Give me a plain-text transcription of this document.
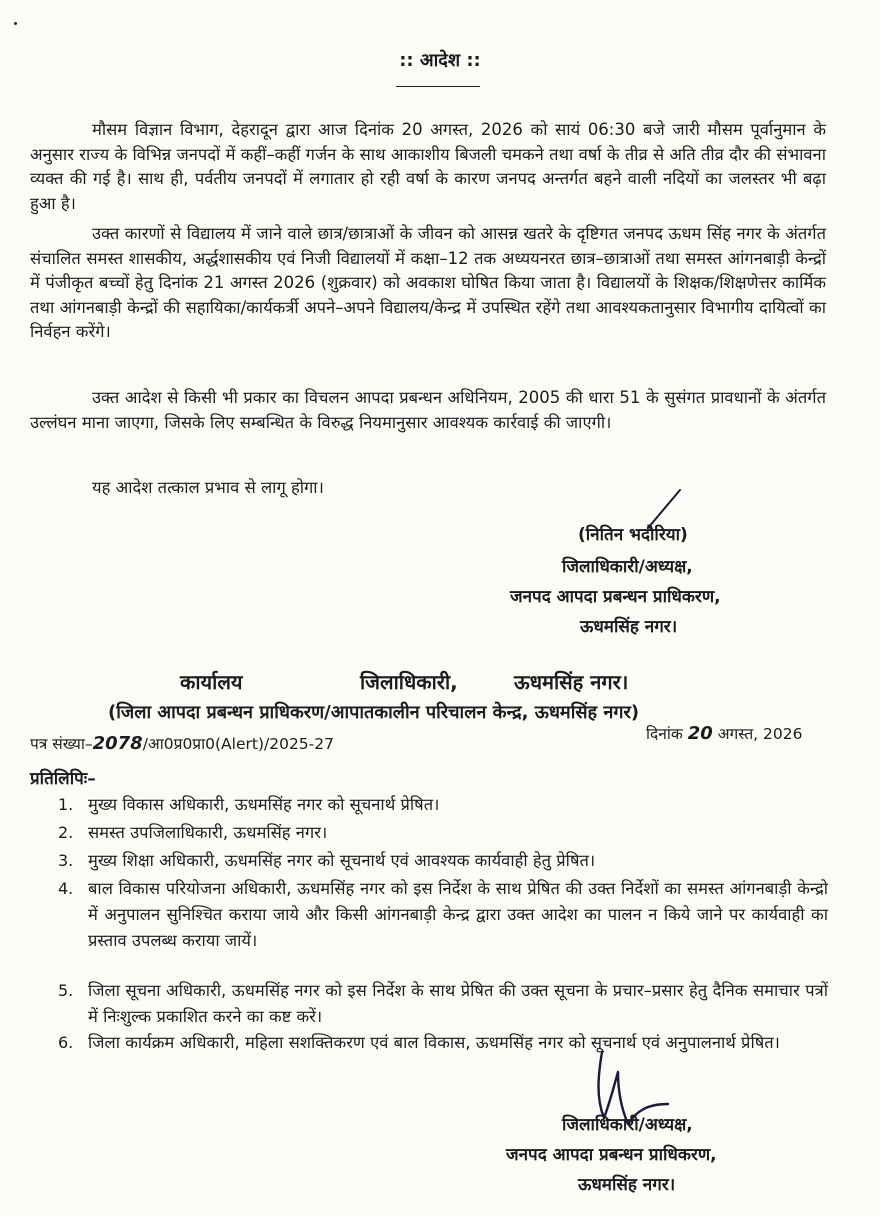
:: आदेश ::

मौसम विज्ञान विभाग, देहरादून द्वारा आज दिनांक 20 अगस्त, 2026 को सायं 06:30 बजे जारी मौसम पूर्वानुमान के अनुसार राज्य के विभिन्न जनपदों में कहीं–कहीं गर्जन के साथ आकाशीय बिजली चमकने तथा वर्षा के तीव्र से अति तीव्र दौर की संभावना व्यक्त की गई है। साथ ही, पर्वतीय जनपदों में लगातार हो रही वर्षा के कारण जनपद अन्तर्गत बहने वाली नदियों का जलस्तर भी बढ़ा हुआ है।

उक्त कारणों से विद्यालय में जाने वाले छात्र/छात्राओं के जीवन को आसन्न खतरे के दृष्टिगत जनपद ऊधम सिंह नगर के अंतर्गत संचालित समस्त शासकीय, अर्द्धशासकीय एवं निजी विद्यालयों में कक्षा–12 तक अध्ययनरत छात्र–छात्राओं तथा समस्त आंगनबाड़ी केन्द्रों में पंजीकृत बच्चों हेतु दिनांक 21 अगस्त 2026 (शुक्रवार) को अवकाश घोषित किया जाता है। विद्यालयों के शिक्षक/शिक्षणेत्तर कार्मिक तथा आंगनबाड़ी केन्द्रों की सहायिका/कार्यकर्त्री अपने–अपने विद्यालय/केन्द्र में उपस्थित रहेंगे तथा आवश्यकतानुसार विभागीय दायित्वों का निर्वहन करेंगे।

उक्त आदेश से किसी भी प्रकार का विचलन आपदा प्रबन्धन अधिनियम, 2005 की धारा 51 के सुसंगत प्रावधानों के अंतर्गत उल्लंघन माना जाएगा, जिसके लिए सम्बन्धित के विरुद्ध नियमानुसार आवश्यक कार्रवाई की जाएगी।

यह आदेश तत्काल प्रभाव से लागू होगा।

(नितिन भदौरिया)
जिलाधिकारी/अध्यक्ष,
जनपद आपदा प्रबन्धन प्राधिकरण,
ऊधमसिंह नगर।
कार्यालय	जिलाधिकारी,	ऊधमसिंह नगर।
(जिला आपदा प्रबन्धन प्राधिकरण/आपातकालीन परिचालन केन्द्र, ऊधमसिंह नगर)
पत्र संख्या–2078/आ0प्र0प्रा0(Alert)/2025-27
दिनांक 20 अगस्त, 2026
प्रतिलिपिः–
1. मुख्य विकास अधिकारी, ऊधमसिंह नगर को सूचनार्थ प्रेषित।
2. समस्त उपजिलाधिकारी, ऊधमसिंह नगर।
3. मुख्य शिक्षा अधिकारी, ऊधमसिंह नगर को सूचनार्थ एवं आवश्यक कार्यवाही हेतु प्रेषित।
4. बाल विकास परियोजना अधिकारी, ऊधमसिंह नगर को इस निर्देश के साथ प्रेषित की उक्त निर्देशों का समस्त आंगनबाड़ी केन्द्रो में अनुपालन सुनिश्चित कराया जाये और किसी आंगनबाड़ी केन्द्र द्वारा उक्त आदेश का पालन न किये जाने पर कार्यवाही का प्रस्ताव उपलब्ध कराया जायें।
5. जिला सूचना अधिकारी, ऊधमसिंह नगर को इस निर्देश के साथ प्रेषित की उक्त सूचना के प्रचार–प्रसार हेतु दैनिक समाचार पत्रों में निःशुल्क प्रकाशित करने का कष्ट करें।
6. जिला कार्यक्रम अधिकारी, महिला सशक्तिकरण एवं बाल विकास, ऊधमसिंह नगर को सूचनार्थ एवं अनुपालनार्थ प्रेषित।
जिलाधिकारी/अध्यक्ष,
जनपद आपदा प्रबन्धन प्राधिकरण,
ऊधमसिंह नगर।
